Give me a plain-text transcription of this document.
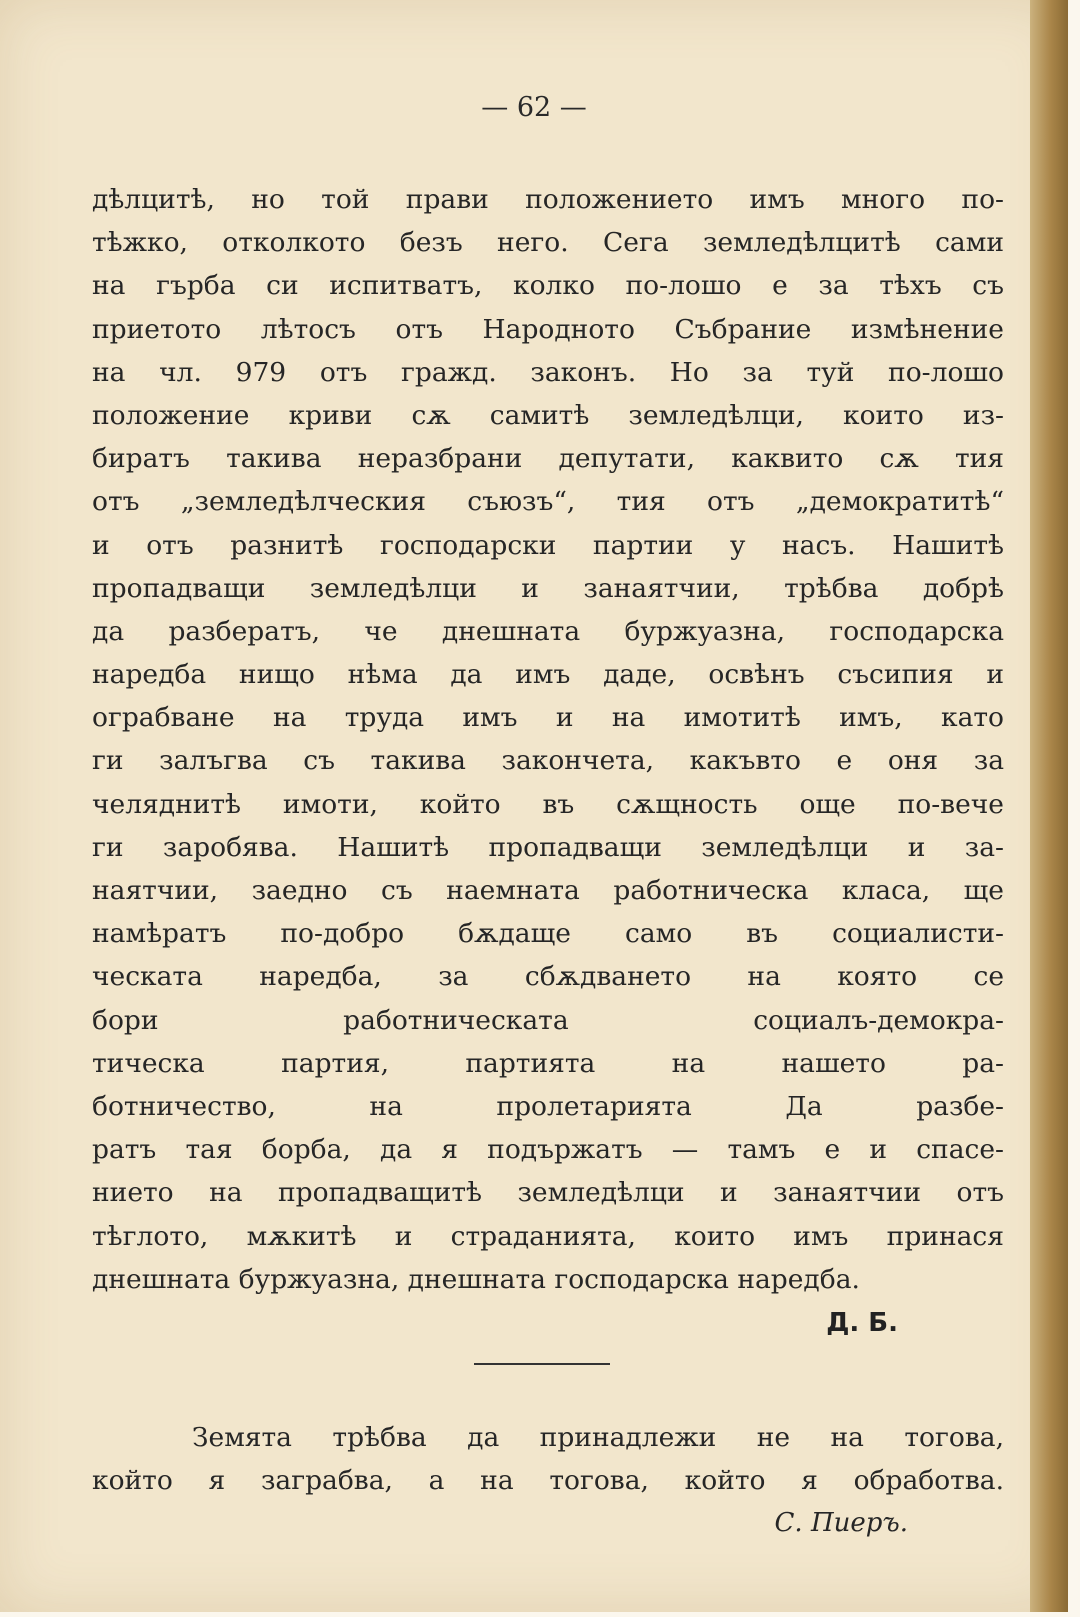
— 62 —
дѣлцитѣ, но той прави положението имъ много по-
тѣжко, отколкото безъ него. Сега земледѣлцитѣ сами
на гърба си испитватъ, колко по-лошо е за тѣхъ съ
приетото лѣтосъ отъ Народното Събрание измѣнение
на чл. 979 отъ гражд. законъ. Но за туй по-лошо
положение криви сѫ самитѣ земледѣлци, които из-
биратъ такива неразбрани депутати, каквито сѫ тия
отъ „земледѣлческия съюзъ“, тия отъ „демократитѣ“
и отъ разнитѣ господарски партии у насъ. Нашитѣ
пропадващи земледѣлци и занаятчии, трѣбва добрѣ
да разбератъ, че днешната буржуазна, господарска
наредба нищо нѣма да имъ даде, освѣнъ съсипия и
ограбване на труда имъ и на имотитѣ имъ, като
ги залъгва съ такива закончета, какъвто е оня за
челяднитѣ имоти, който въ сѫщность още по-вече
ги заробява. Нашитѣ пропадващи земледѣлци и за-
наятчии, заедно съ наемната работническа класа, ще
намѣратъ по-добро бѫдаще само въ социалисти-
ческата наредба, за сбѫдването на която се
бори работническата социалъ-демокра-
тическа партия, партията на нашето ра-
ботничество, на пролетарията Да разбе-
ратъ тая борба, да я подържатъ — тамъ е и спасе-
нието на пропадващитѣ земледѣлци и занаятчии отъ
тѣглото, мѫкитѣ и страданията, които имъ принася
днешната буржуазна, днешната господарска наредба.
Д. Б.
Земята трѣбва да принадлежи не на тогова,
който я заграбва, а на тогова, който я обработва.
С. Пиеръ.
